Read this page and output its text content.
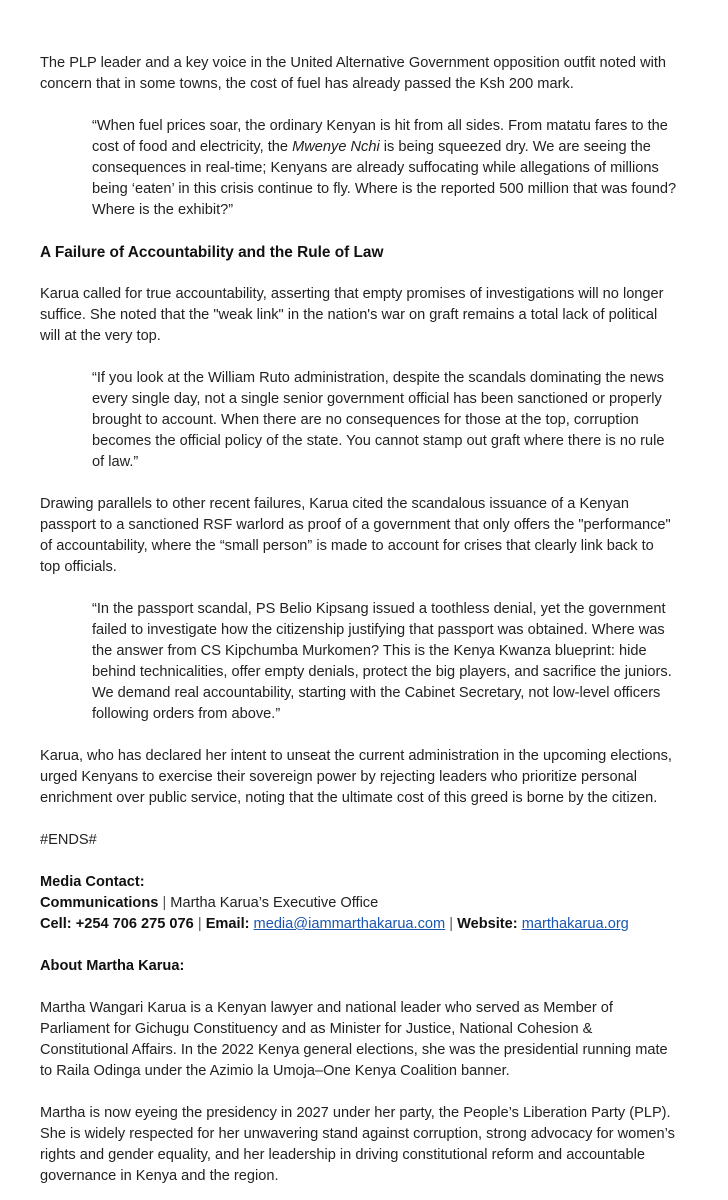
The PLP leader and a key voice in the United Alternative Government opposition outfit noted with concern that in some towns, the cost of fuel has already passed the Ksh 200 mark.

“When fuel prices soar, the ordinary Kenyan is hit from all sides. From matatu fares to the cost of food and electricity, the Mwenye Nchi is being squeezed dry. We are seeing the consequences in real-time; Kenyans are already suffocating while allegations of millions being ‘eaten’ in this crisis continue to fly. Where is the reported 500 million that was found? Where is the exhibit?”

A Failure of Accountability and the Rule of Law

Karua called for true accountability, asserting that empty promises of investigations will no longer suffice. She noted that the "weak link" in the nation's war on graft remains a total lack of political will at the very top.

“If you look at the William Ruto administration, despite the scandals dominating the news every single day, not a single senior government official has been sanctioned or properly brought to account. When there are no consequences for those at the top, corruption becomes the official policy of the state. You cannot stamp out graft where there is no rule of law.”

Drawing parallels to other recent failures, Karua cited the scandalous issuance of a Kenyan passport to a sanctioned RSF warlord as proof of a government that only offers the "performance" of accountability, where the “small person” is made to account for crises that clearly link back to top officials.

“In the passport scandal, PS Belio Kipsang issued a toothless denial, yet the government failed to investigate how the citizenship justifying that passport was obtained. Where was the answer from CS Kipchumba Murkomen? This is the Kenya Kwanza blueprint: hide behind technicalities, offer empty denials, protect the big players, and sacrifice the juniors. We demand real accountability, starting with the Cabinet Secretary, not low-level officers following orders from above.”

Karua, who has declared her intent to unseat the current administration in the upcoming elections, urged Kenyans to exercise their sovereign power by rejecting leaders who prioritize personal enrichment over public service, noting that the ultimate cost of this greed is borne by the citizen.

#ENDS#

Media Contact:

Communications | Martha Karua’s Executive Office

Cell: +254 706 275 076 | Email: media@iammarthakarua.com | Website: marthakarua.org

About Martha Karua:

Martha Wangari Karua is a Kenyan lawyer and national leader who served as Member of Parliament for Gichugu Constituency and as Minister for Justice, National Cohesion & Constitutional Affairs. In the 2022 Kenya general elections, she was the presidential running mate to Raila Odinga under the Azimio la Umoja–One Kenya Coalition banner.

Martha is now eyeing the presidency in 2027 under her party, the People’s Liberation Party (PLP). She is widely respected for her unwavering stand against corruption, strong advocacy for women’s rights and gender equality, and her leadership in driving constitutional reform and accountable governance in Kenya and the region.
